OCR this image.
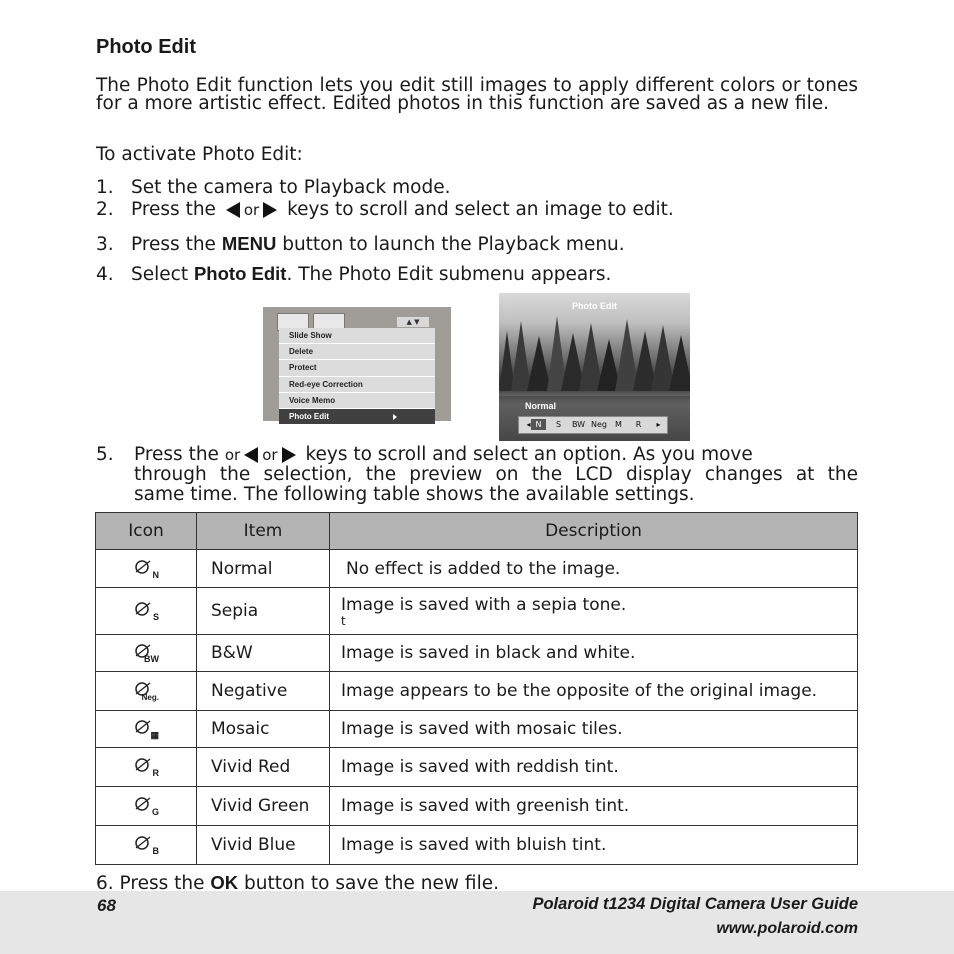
Photo Edit
The Photo Edit function lets you edit still images to apply different colors or tones for a more artistic effect. Edited photos in this function are saved as a new file.
To activate Photo Edit:
1. Set the camera to Playback mode.
2. Press the or keys to scroll and select an image to edit.
3. Press the MENU button to launch the Playback menu.
4. Select Photo Edit. The Photo Edit submenu appears.
▲ ▼
Slide Show
Delete
Protect
Red-eye Correction
Voice Memo
Photo Edit
Photo Edit
Normal
◂ N	S	BW Neg	M	R	▸
5. Press the or or keys to scroll and select an option. As you move
through the selection, the preview on the LCD display changes at the
same time. The following table shows the available settings.
Icon	Item	Description

N	Normal	No effect is added to the image.

S	Sepia	Image is saved with a sepia tone.
t

BW	B&W	Image is saved in black and white.

Neg.	Negative	Image appears to be the opposite of the original image.

▦	Mosaic	Image is saved with mosaic tiles.

R	Vivid Red	Image is saved with reddish tint.

G	Vivid Green	Image is saved with greenish tint.

B	Vivid Blue	Image is saved with bluish tint.
6. Press the OK button to save the new file.
68	Polaroid t1234 Digital Camera User Guide
www.polaroid.com
